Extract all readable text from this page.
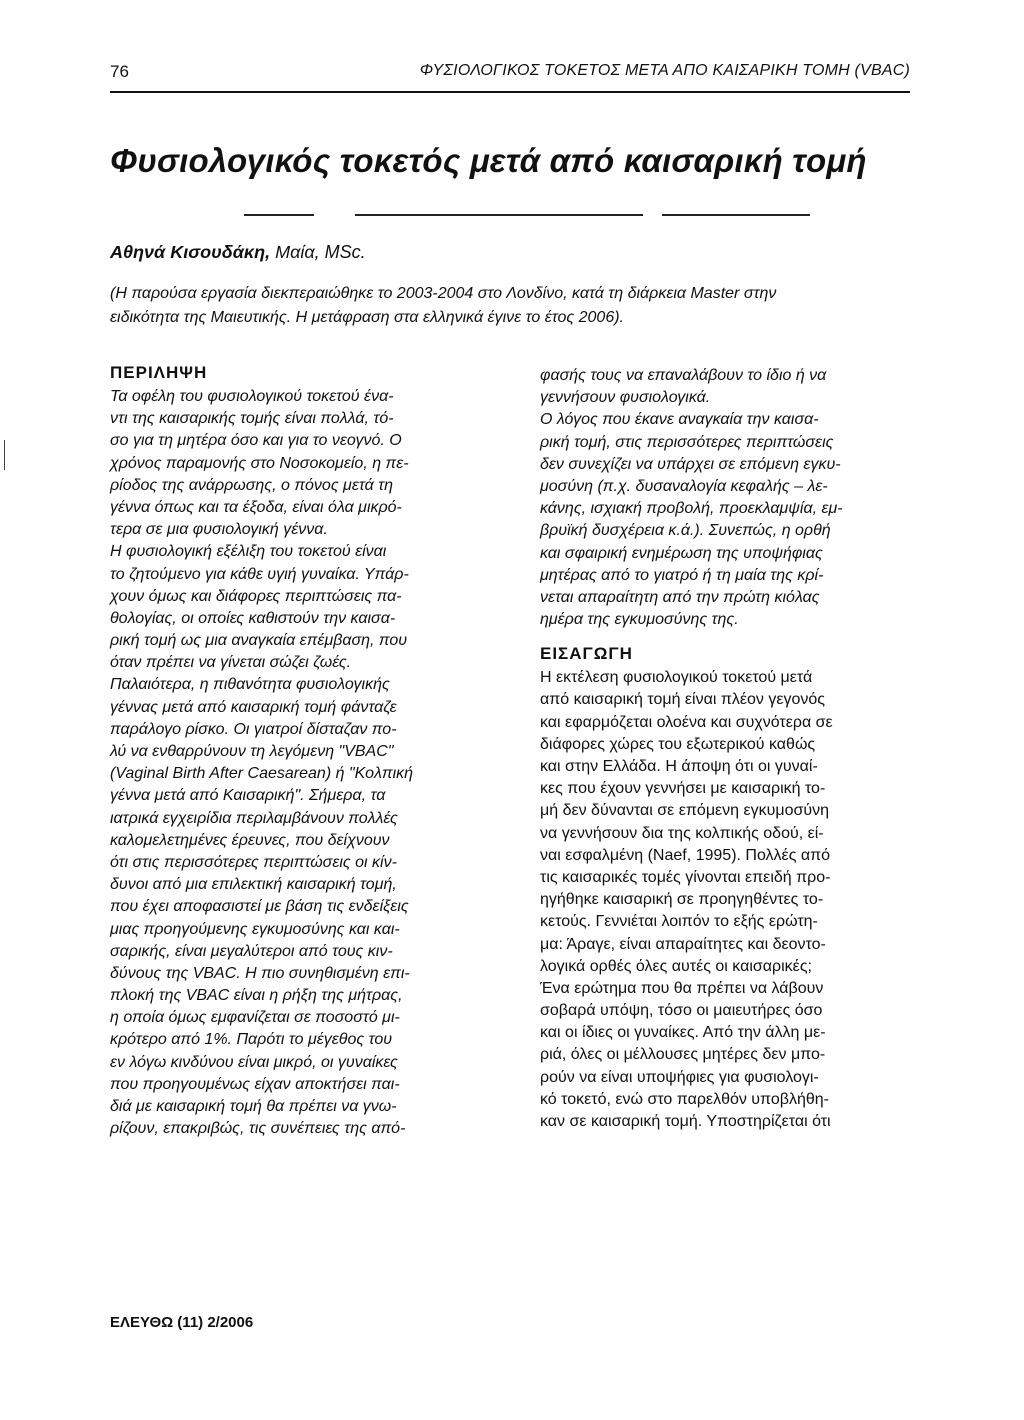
76	ΦΥΣΙΟΛΟΓΙΚΟΣ ΤΟΚΕΤΟΣ ΜΕΤΑ ΑΠΟ ΚΑΙΣΑΡΙΚΗ ΤΟΜΗ (VBAC)
Φυσιολογικός τοκετός μετά από καισαρική τομή
Αθηνά Κισουδάκη, Μαία, MSc.
(Η παρούσα εργασία διεκπεραιώθηκε το 2003-2004 στο Λονδίνο, κατά τη διάρκεια Master στην
ειδικότητα της Μαιευτικής. Η μετάφραση στα ελληνικά έγινε το έτος 2006).
ΠΕΡΙΛΗΨΗ
Τα οφέλη του φυσιολογικού τοκετού ένα-
ντι της καισαρικής τομής είναι πολλά, τό-
σο για τη μητέρα όσο και για το νεογνό. Ο
χρόνος παραμονής στο Νοσοκομείο, η πε-
ρίοδος της ανάρρωσης, ο πόνος μετά τη
γέννα όπως και τα έξοδα, είναι όλα μικρό-
τερα σε μια φυσιολογική γέννα.
Η φυσιολογική εξέλιξη του τοκετού είναι
το ζητούμενο για κάθε υγιή γυναίκα. Υπάρ-
χουν όμως και διάφορες περιπτώσεις πα-
θολογίας, οι οποίες καθιστούν την καισα-
ρική τομή ως μια αναγκαία επέμβαση, που
όταν πρέπει να γίνεται σώζει ζωές.
Παλαιότερα, η πιθανότητα φυσιολογικής
γέννας μετά από καισαρική τομή φάνταζε
παράλογο ρίσκο. Οι γιατροί δίσταζαν πο-
λύ να ενθαρρύνουν τη λεγόμενη "VBAC"
(Vaginal Birth After Caesarean) ή "Κολπική
γέννα μετά από Καισαρική". Σήμερα, τα
ιατρικά εγχειρίδια περιλαμβάνουν πολλές
καλομελετημένες έρευνες, που δείχνουν
ότι στις περισσότερες περιπτώσεις οι κίν-
δυνοι από μια επιλεκτική καισαρική τομή,
που έχει αποφασιστεί με βάση τις ενδείξεις
μιας προηγούμενης εγκυμοσύνης και και-
σαρικής, είναι μεγαλύτεροι από τους κιν-
δύνους της VBAC. Η πιο συνηθισμένη επι-
πλοκή της VBAC είναι η ρήξη της μήτρας,
η οποία όμως εμφανίζεται σε ποσοστό μι-
κρότερο από 1%. Παρότι το μέγεθος του
εν λόγω κινδύνου είναι μικρό, οι γυναίκες
που προηγουμένως είχαν αποκτήσει παι-
διά με καισαρική τομή θα πρέπει να γνω-
ρίζουν, επακριβώς, τις συνέπειες της από-
φασής τους να επαναλάβουν το ίδιο ή να
γεννήσουν φυσιολογικά.
Ο λόγος που έκανε αναγκαία την καισα-
ρική τομή, στις περισσότερες περιπτώσεις
δεν συνεχίζει να υπάρχει σε επόμενη εγκυ-
μοσύνη (π.χ. δυσαναλογία κεφαλής – λε-
κάνης, ισχιακή προβολή, προεκλαμψία, εμ-
βρυϊκή δυσχέρεια κ.ά.). Συνεπώς, η ορθή
και σφαιρική ενημέρωση της υποψήφιας
μητέρας από το γιατρό ή τη μαία της κρί-
νεται απαραίτητη από την πρώτη κιόλας
ημέρα της εγκυμοσύνης της.
ΕΙΣΑΓΩΓΗ
Η εκτέλεση φυσιολογικού τοκετού μετά
από καισαρική τομή είναι πλέον γεγονός
και εφαρμόζεται ολοένα και συχνότερα σε
διάφορες χώρες του εξωτερικού καθώς
και στην Ελλάδα. Η άποψη ότι οι γυναί-
κες που έχουν γεννήσει με καισαρική το-
μή δεν δύνανται σε επόμενη εγκυμοσύνη
να γεννήσουν δια της κολπικής οδού, εί-
ναι εσφαλμένη (Naef, 1995). Πολλές από
τις καισαρικές τομές γίνονται επειδή προ-
ηγήθηκε καισαρική σε προηγηθέντες το-
κετούς. Γεννιέται λοιπόν το εξής ερώτη-
μα: Άραγε, είναι απαραίτητες και δεοντο-
λογικά ορθές όλες αυτές οι καισαρικές;
Ένα ερώτημα που θα πρέπει να λάβουν
σοβαρά υπόψη, τόσο οι μαιευτήρες όσο
και οι ίδιες οι γυναίκες. Από την άλλη με-
ριά, όλες οι μέλλουσες μητέρες δεν μπο-
ρούν να είναι υποψήφιες για φυσιολογι-
κό τοκετό, ενώ στο παρελθόν υποβλήθη-
καν σε καισαρική τομή. Υποστηρίζεται ότι
ΕΛΕΥΘΩ (11) 2/2006
